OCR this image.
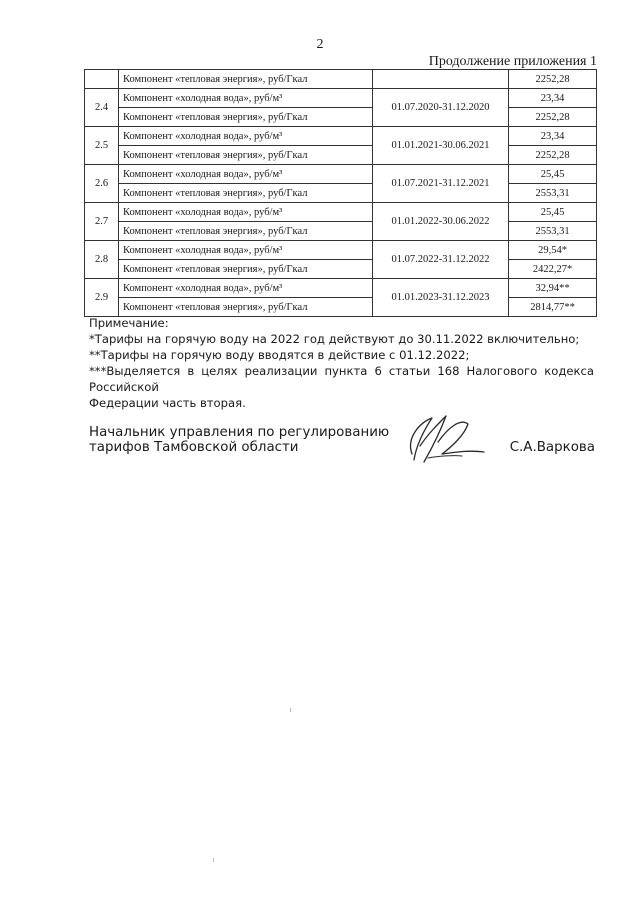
2
Продолжение приложения 1
	Компонент «тепловая энергия», руб/Гкал		2252,28
2.4	Компонент «холодная вода», руб/м³	01.07.2020-31.12.2020	23,34
	Компонент «тепловая энергия», руб/Гкал		2252,28
2.5	Компонент «холодная вода», руб/м³	01.01.2021-30.06.2021	23,34
	Компонент «тепловая энергия», руб/Гкал		2252,28
2.6	Компонент «холодная вода», руб/м³	01.07.2021-31.12.2021	25,45
	Компонент «тепловая энергия», руб/Гкал		2553,31
2.7	Компонент «холодная вода», руб/м³	01.01.2022-30.06.2022	25,45
	Компонент «тепловая энергия», руб/Гкал		2553,31
2.8	Компонент «холодная вода», руб/м³	01.07.2022-31.12.2022	29,54*
	Компонент «тепловая энергия», руб/Гкал		2422,27*
2.9	Компонент «холодная вода», руб/м³	01.01.2023-31.12.2023	32,94**
	Компонент «тепловая энергия», руб/Гкал		2814,77**

Примечание:

*Тарифы на горячую воду на 2022 год действуют до 30.11.2022 включительно;

**Тарифы на горячую воду вводятся в действие с 01.12.2022;

***Выделяется в целях реализации пункта 6 статьи 168 Налогового кодекса Российской

Федерации часть вторая.

Начальник управления по регулированию

тарифов Тамбовской области	С.А.Варкова
